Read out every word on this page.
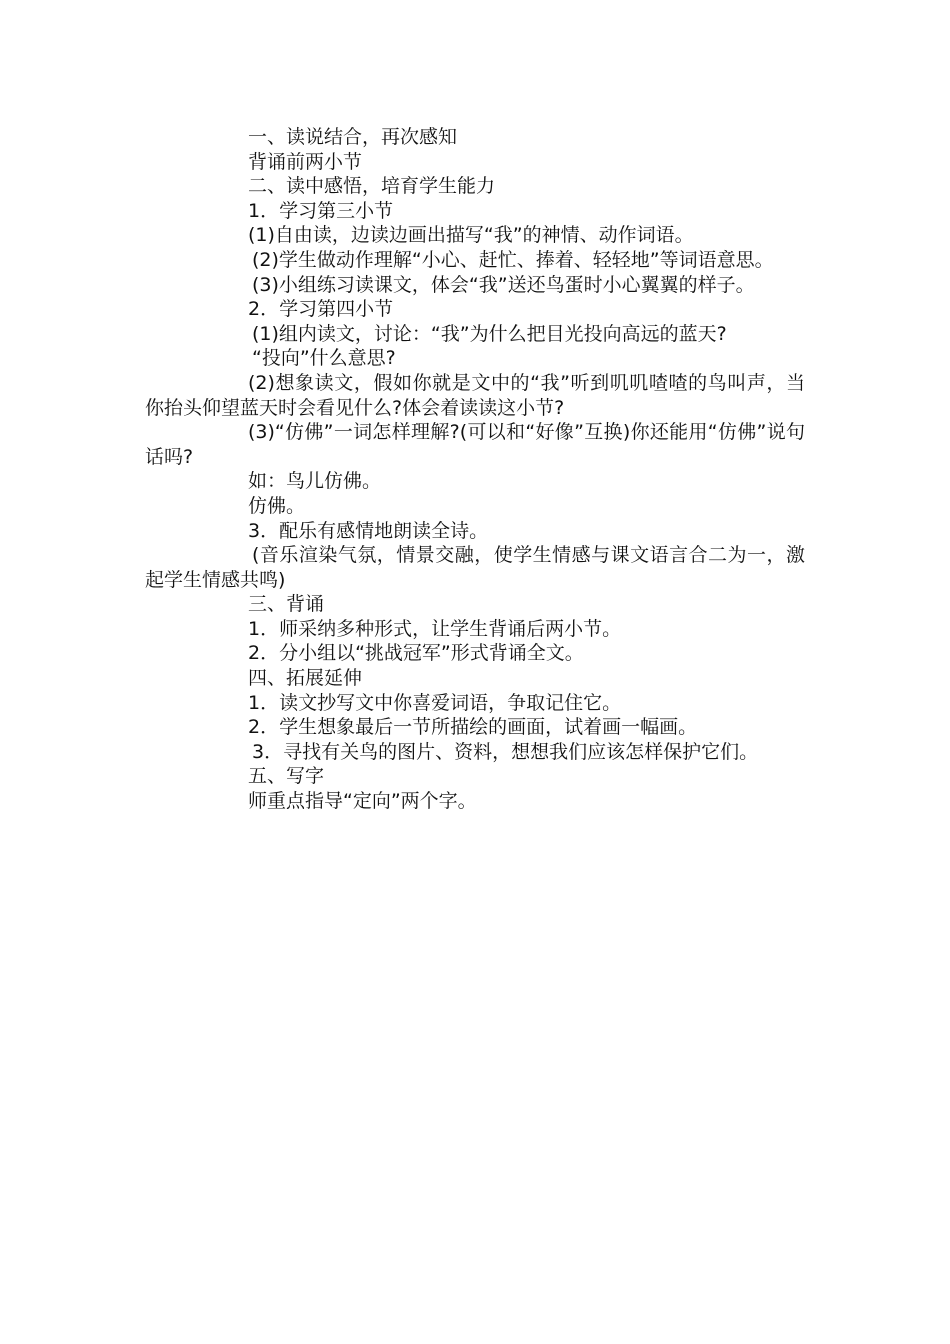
一、读说结合，再次感知

背诵前两小节

二、读中感悟，培育学生能力

1．学习第三小节

(1)自由读，边读边画出描写“我”的神情、动作词语。

(2)学生做动作理解“小心、赶忙、捧着、轻轻地”等词语意思。

(3)小组练习读课文，体会“我”送还鸟蛋时小心翼翼的样子。

2．学习第四小节

(1)组内读文，讨论：“我”为什么把目光投向高远的蓝天?

“投向”什么意思?

(2)想象读文，假如你就是文中的“我”听到叽叽喳喳的鸟叫声，当你抬头仰望蓝天时会看见什么?体会着读读这小节?

(3)“仿佛”一词怎样理解?(可以和“好像”互换)你还能用“仿佛”说句话吗?

如：鸟儿仿佛。

仿佛。

3．配乐有感情地朗读全诗。

(音乐渲染气氛，情景交融，使学生情感与课文语言合二为一，激起学生情感共鸣)

三、背诵

1．师采纳多种形式，让学生背诵后两小节。

2．分小组以“挑战冠军”形式背诵全文。

四、拓展延伸

1．读文抄写文中你喜爱词语，争取记住它。

2．学生想象最后一节所描绘的画面，试着画一幅画。

3．寻找有关鸟的图片、资料，想想我们应该怎样保护它们。

五、写字

师重点指导“定向”两个字。
